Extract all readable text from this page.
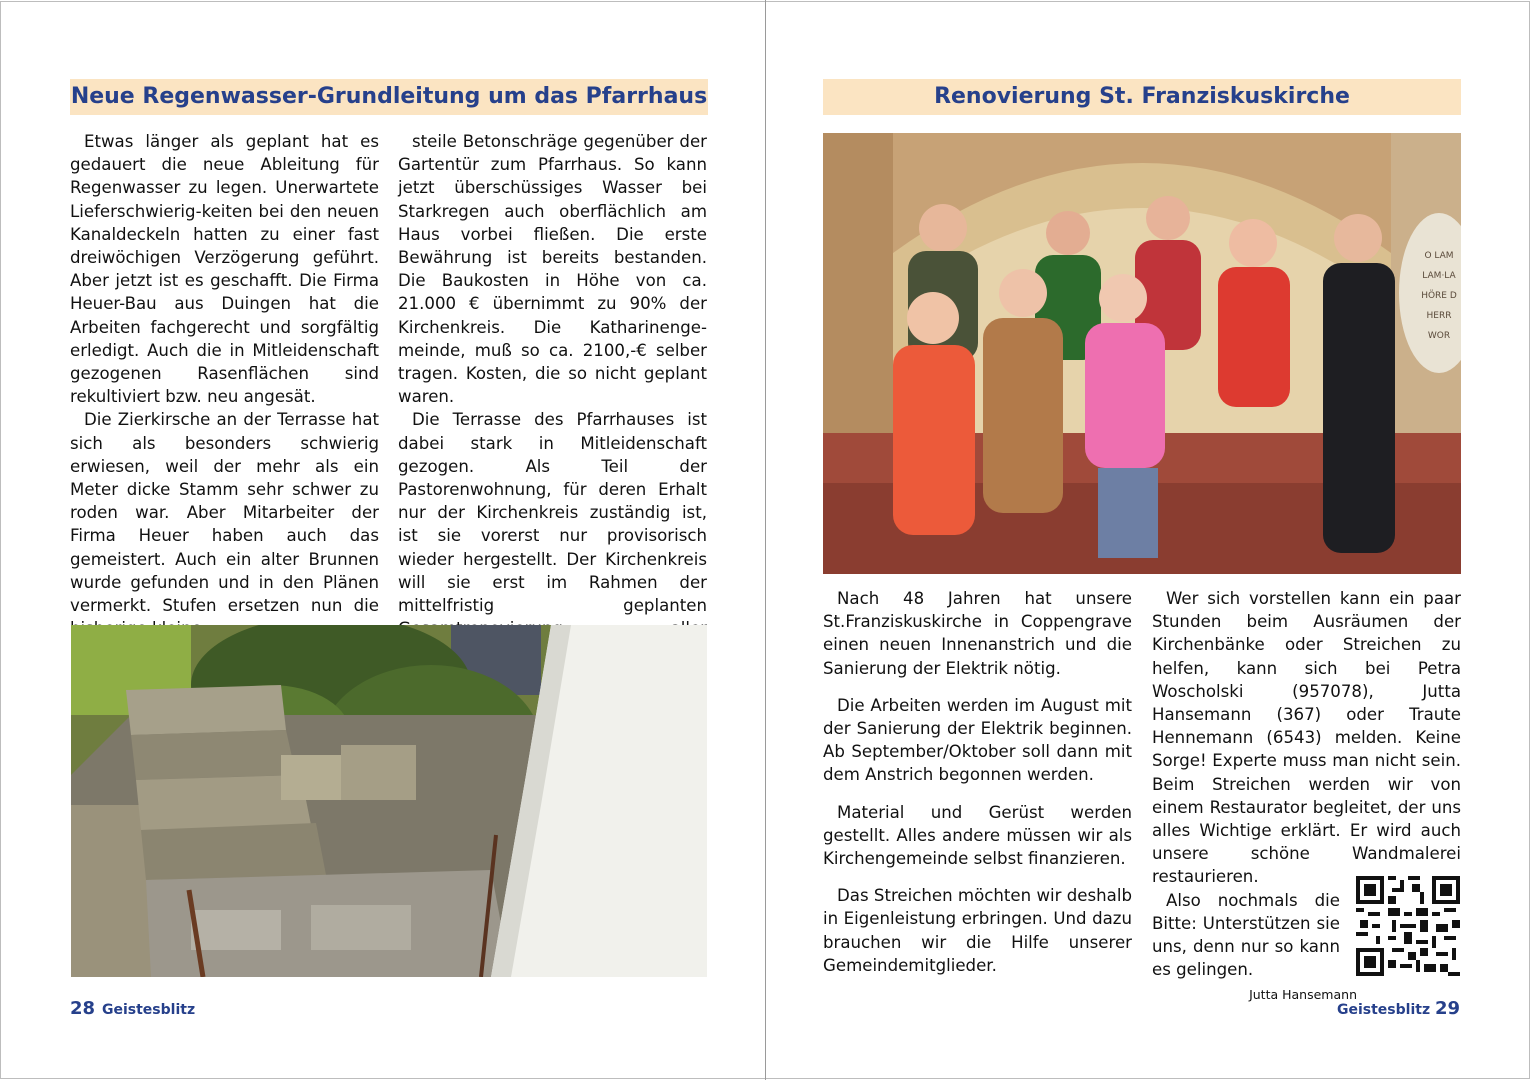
Neue Regenwasser-Grundleitung um das Pfarrhaus

Etwas länger als geplant hat es gedauert die neue Ableitung für Regenwasser zu legen. Unerwartete Lieferschwierig-keiten bei den neuen Kanaldeckeln hatten zu einer fast dreiwöchigen Verzögerung geführt. Aber jetzt ist es geschafft. Die Firma Heuer-Bau aus Duingen hat die Arbeiten fachgerecht und sorgfältig erledigt. Auch die in Mitleidenschaft gezogenen Rasenflächen sind rekultiviert bzw. neu angesät.

Die Zierkirsche an der Terrasse hat sich als besonders schwierig erwiesen, weil der mehr als ein Meter dicke Stamm sehr schwer zu roden war. Aber Mitarbeiter der Firma Heuer haben auch das gemeistert. Auch ein alter Brunnen wurde gefunden und in den Plänen vermerkt. Stufen ersetzen nun die

steile Betonschräge gegenüber der Gartentür zum Pfarrhaus. So kann jetzt überschüssiges Wasser bei Starkregen auch oberflächlich am Haus vorbei fließen. Die erste Bewährung ist bereits bestanden. Die Baukosten in Höhe von ca. 21.000 € übernimmt zu 90% der Kirchenkreis. Die Katharinenge-meinde, muß so ca. 2100,-€ selber tragen. Kosten, die so nicht geplant waren.

Die Terrasse des Pfarrhauses ist dabei stark in Mitleidenschaft gezogen. Als Teil der Pastorenwohnung, für deren Erhalt nur der Kirchenkreis zuständig ist, ist sie vorerst nur provisorisch wieder hergestellt. Der Kirchenkreis will sie erst im Rahmen der mittelfristig geplanten

28 Geistesblitz
Renovierung St. Franziskuskirche
O LAM
LAM·LA
HÖRE D
HERR
WOR

Nach 48 Jahren hat unsere St.Franziskuskirche in Coppengrave einen neuen Innenanstrich und die Sanierung der Elektrik nötig.

Die Arbeiten werden im August mit der Sanierung der Elektrik beginnen. Ab September/Oktober soll dann mit dem Anstrich begonnen werden.

Material und Gerüst werden gestellt. Alles andere müssen wir als Kirchengemeinde selbst finanzieren.

Das Streichen möchten wir deshalb in Eigenleistung erbringen. Und dazu brauchen wir die Hilfe unserer Gemeindemitglieder.

Wer sich vorstellen kann ein paar Stunden beim Ausräumen der Kirchenbänke oder Streichen zu helfen, kann sich bei Petra Woscholski (957078), Jutta Hansemann (367) oder Traute Hennemann (6543) melden. Keine Sorge! Experte muss man nicht sein. Beim Streichen werden wir von einem Restaurator begleitet, der uns alles Wichtige erklärt. Er wird auch unsere schöne Wandmalerei restaurieren.

Also nochmals die Bitte: Unterstützen sie uns, denn nur so kann es gelingen.

Jutta Hansemann
Geistesblitz 29
